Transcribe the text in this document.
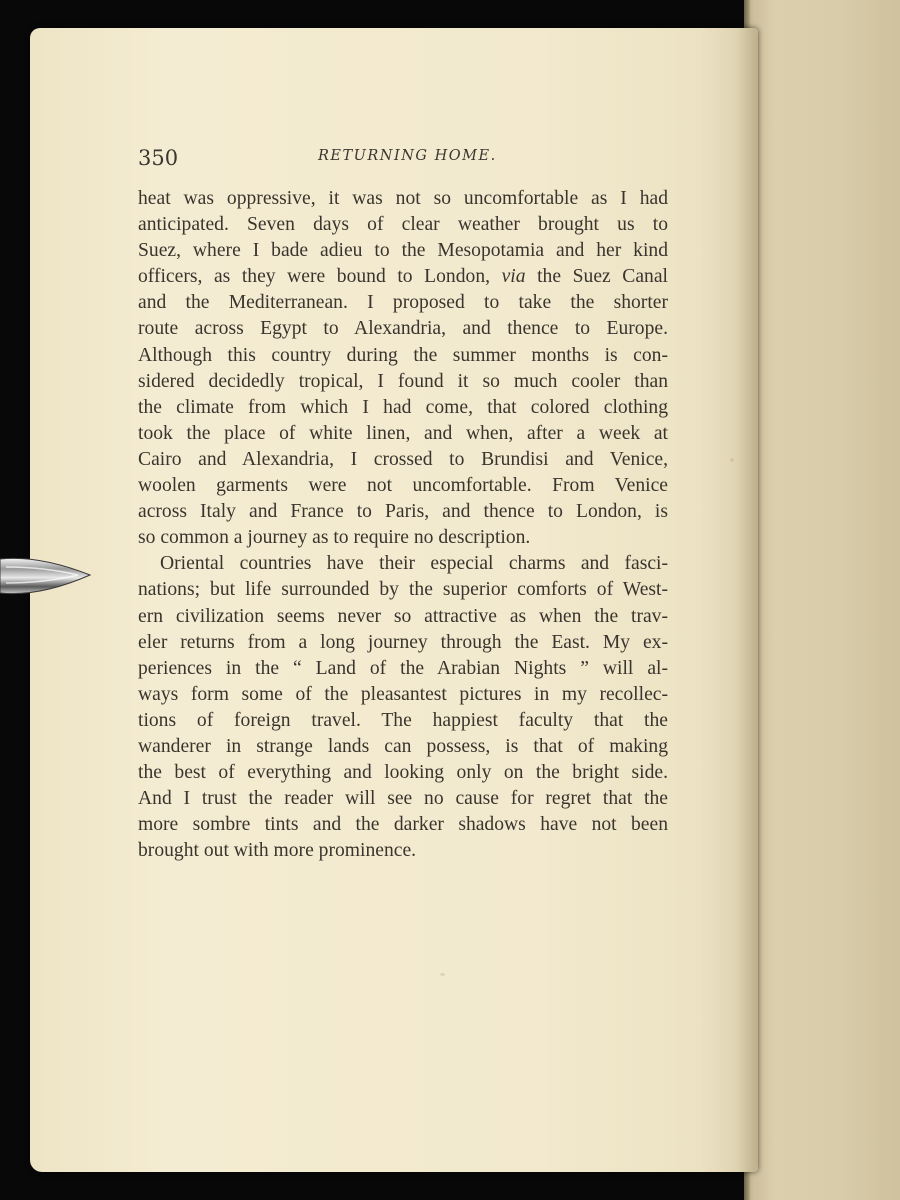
350	RETURNING HOME.
heat was oppressive, it was not so uncomfortable as I had
anticipated. Seven days of clear weather brought us to
Suez, where I bade adieu to the Mesopotamia and her kind
officers, as they were bound to London, via the Suez Canal
and the Mediterranean. I proposed to take the shorter
route across Egypt to Alexandria, and thence to Europe.
Although this country during the summer months is con-
sidered decidedly tropical, I found it so much cooler than
the climate from which I had come, that colored clothing
took the place of white linen, and when, after a week at
Cairo and Alexandria, I crossed to Brundisi and Venice,
woolen garments were not uncomfortable. From Venice
across Italy and France to Paris, and thence to London, is
so common a journey as to require no description.
Oriental countries have their especial charms and fasci-
nations; but life surrounded by the superior comforts of West-
ern civilization seems never so attractive as when the trav-
eler returns from a long journey through the East. My ex-
periences in the “ Land of the Arabian Nights ” will al-
ways form some of the pleasantest pictures in my recollec-
tions of foreign travel. The happiest faculty that the
wanderer in strange lands can possess, is that of making
the best of everything and looking only on the bright side.
And I trust the reader will see no cause for regret that the
more sombre tints and the darker shadows have not been
brought out with more prominence.
